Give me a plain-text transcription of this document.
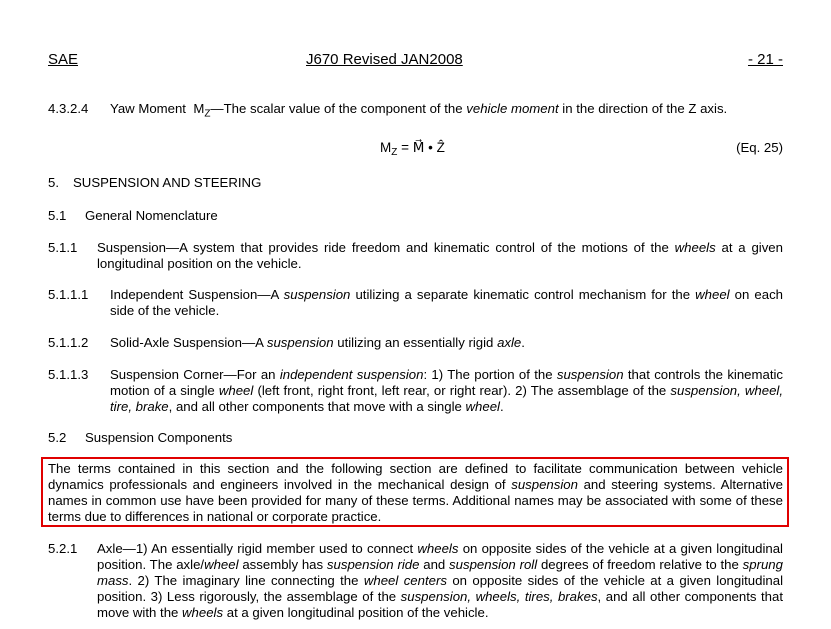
SAE	J670 Revised JAN2008	- 21 -
4.3.2.4 Yaw Moment $M_Z—The$ scalar value of the component of the vehicle moment in the direction of the Z axis.
$M_Z$ = M⃗ • Ẑ	(Eq. 25)
5. SUSPENSION AND STEERING
5.1 General Nomenclature
5.1.1 Suspension—A system that provides ride freedom and kinematic control of the motions of the wheels at a given longitudinal position on the vehicle.
5.1.1.1 Independent Suspension—A suspension utilizing a separate kinematic control mechanism for the wheel on each side of the vehicle.
5.1.1.2 Solid-Axle Suspension—A suspension utilizing an essentially rigid axle.
5.1.1.3 Suspension Corner—For an independent suspension: 1) The portion of the suspension that controls the kinematic motion of a single wheel (left front, right front, left rear, or right rear). 2) The assemblage of the suspension, wheel, tire, brake, and all other components that move with a single wheel.
5.2 Suspension Components
The terms contained in this section and the following section are defined to facilitate communication between vehicle dynamics professionals and engineers involved in the mechanical design of suspension and steering systems. Alternative names in common use have been provided for many of these terms. Additional names may be associated with some of these terms due to differences in national or corporate practice.
5.2.1 Axle—1) An essentially rigid member used to connect wheels on opposite sides of the vehicle at a given longitudinal position. The axle/wheel assembly has suspension ride and suspension roll degrees of freedom relative to the sprung mass. 2) The imaginary line connecting the wheel centers on opposite sides of the vehicle at a given longitudinal position. 3) Less rigorously, the assemblage of the suspension, wheels, tires, brakes, and all other components that move with the wheels at a given longitudinal position of the vehicle.
